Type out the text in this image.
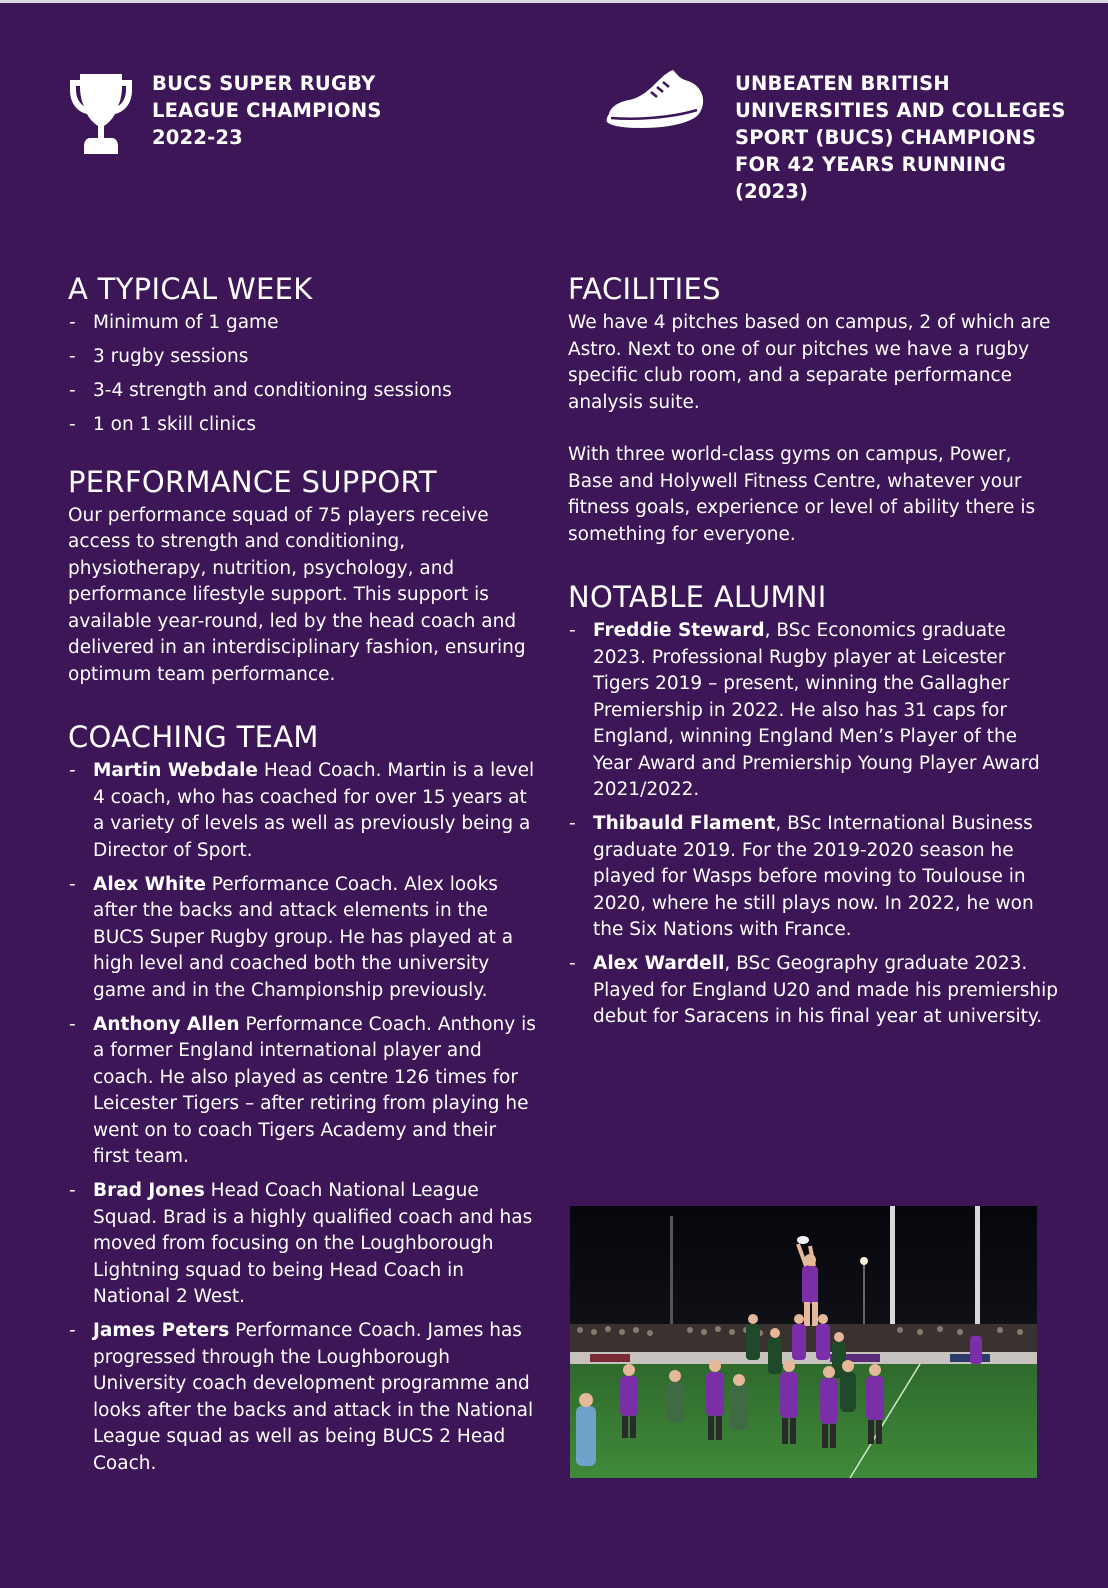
BUCS SUPER RUGBY LEAGUE CHAMPIONS 2022-23
UNBEATEN BRITISH UNIVERSITIES AND COLLEGES SPORT (BUCS) CHAMPIONS FOR 42 YEARS RUNNING (2023)
A TYPICAL WEEK
- Minimum of 1 game
- 3 rugby sessions
- 3-4 strength and conditioning sessions
- 1 on 1 skill clinics
PERFORMANCE SUPPORT

Our performance squad of 75 players receive access to strength and conditioning, physiotherapy, nutrition, psychology, and performance lifestyle support. This support is available year-round, led by the head coach and delivered in an interdisciplinary fashion, ensuring optimum team performance.

COACHING TEAM
- Martin Webdale Head Coach. Martin is a level 4 coach, who has coached for over 15 years at a variety of levels as well as previously being a Director of Sport.
- Alex White Performance Coach. Alex looks after the backs and attack elements in the BUCS Super Rugby group. He has played at a high level and coached both the university game and in the Championship previously.
- Anthony Allen Performance Coach. Anthony is a former England international player and coach. He also played as centre 126 times for Leicester Tigers – after retiring from playing he went on to coach Tigers Academy and their first team.
- Brad Jones Head Coach National League Squad. Brad is a highly qualified coach and has moved from focusing on the Loughborough Lightning squad to being Head Coach in National 2 West.
- James Peters Performance Coach. James has progressed through the Loughborough University coach development programme and looks after the backs and attack in the National League squad as well as being BUCS 2 Head Coach.
FACILITIES

We have 4 pitches based on campus, 2 of which are Astro. Next to one of our pitches we have a rugby specific club room, and a separate performance analysis suite.

With three world-class gyms on campus, Power, Base and Holywell Fitness Centre, whatever your fitness goals, experience or level of ability there is something for everyone.

NOTABLE ALUMNI
- Freddie Steward, BSc Economics graduate 2023. Professional Rugby player at Leicester Tigers 2019 – present, winning the Gallagher Premiership in 2022. He also has 31 caps for England, winning England Men’s Player of the Year Award and Premiership Young Player Award 2021/2022.
- Thibauld Flament, BSc International Business graduate 2019. For the 2019-2020 season he played for Wasps before moving to Toulouse in 2020, where he still plays now. In 2022, he won the Six Nations with France.
- Alex Wardell, BSc Geography graduate 2023. Played for England U20 and made his premiership debut for Saracens in his final year at university.
